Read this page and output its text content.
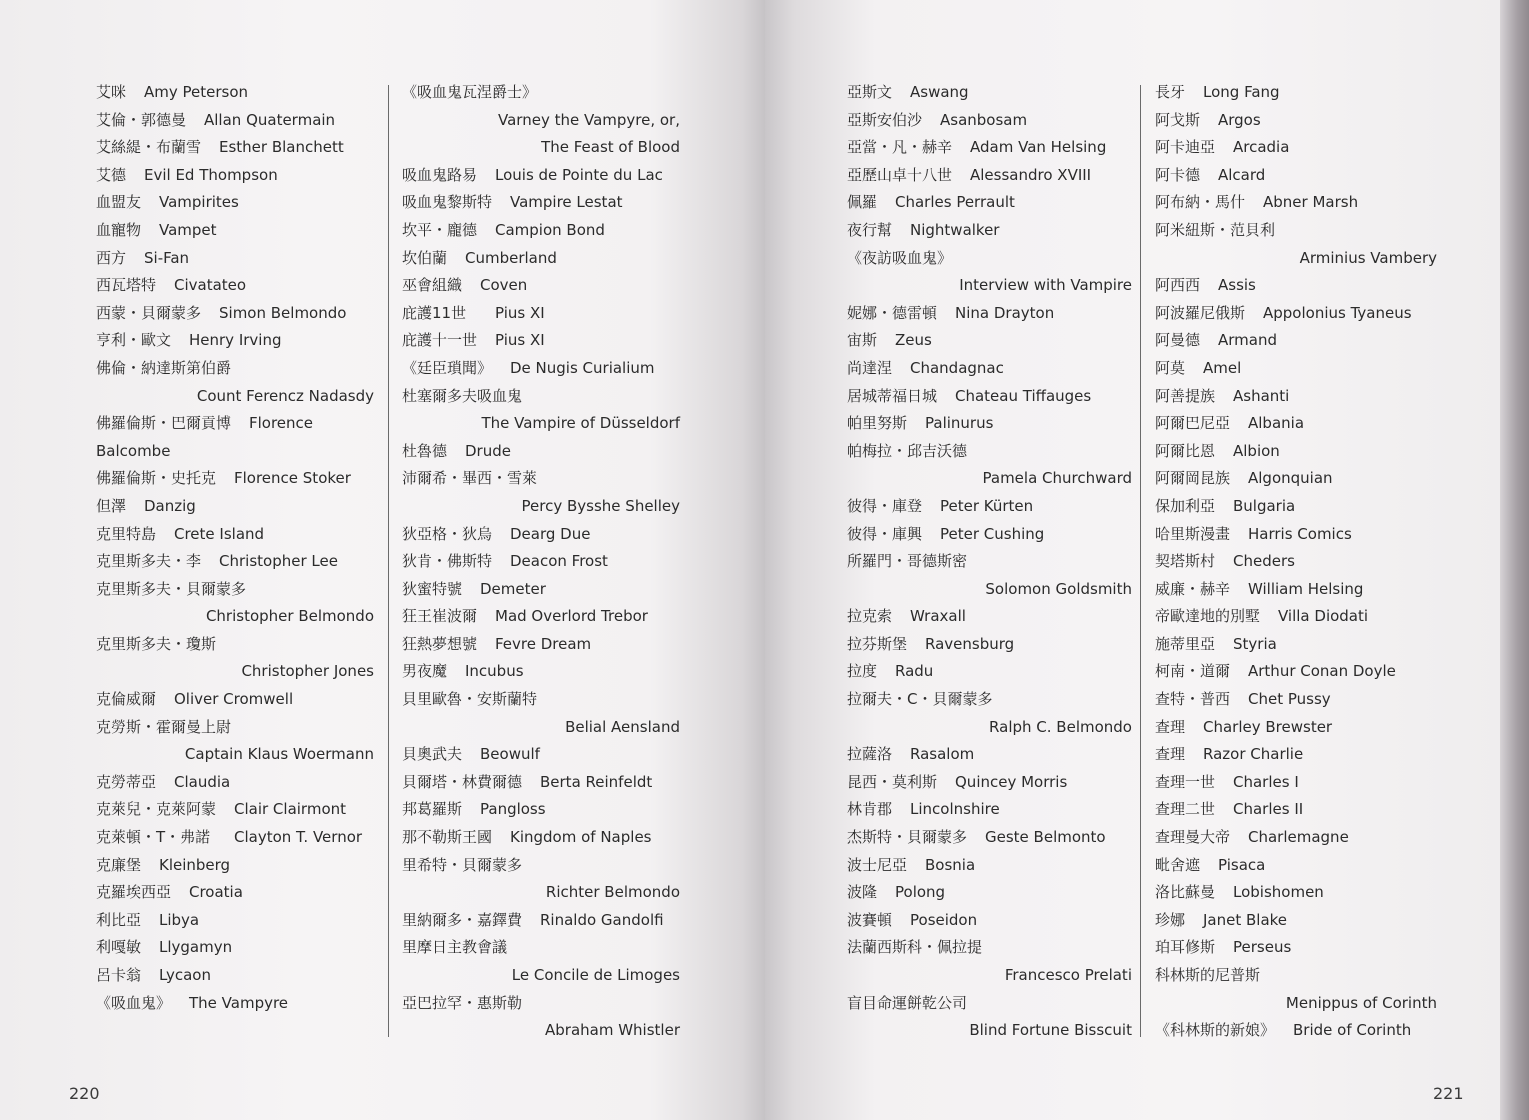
艾咪 Amy Peterson
艾倫・郭德曼 Allan Quatermain
艾絲緹・布蘭雪 Esther Blanchett
艾德 Evil Ed Thompson
血盟友 Vampirites
血寵物 Vampet
西方 Si-Fan
西瓦塔特 Civatateo
西蒙・貝爾蒙多 Simon Belmondo
亨利・歐文 Henry Irving
佛倫・納達斯第伯爵
Count Ferencz Nadasdy
佛羅倫斯・巴爾貢博 Florence
Balcombe
佛羅倫斯・史托克 Florence Stoker
但澤 Danzig
克里特島 Crete Island
克里斯多夫・李 Christopher Lee
克里斯多夫・貝爾蒙多
Christopher Belmondo
克里斯多夫・瓊斯
Christopher Jones
克倫威爾 Oliver Cromwell
克勞斯・霍爾曼上尉
Captain Klaus Woermann
克勞蒂亞 Claudia
克萊兒・克萊阿蒙 Clair Clairmont
克萊頓・T・弗諾 Clayton T. Vernor
克廉堡 Kleinberg
克羅埃西亞 Croatia
利比亞 Libya
利嘎敏 Llygamyn
呂卡翁 Lycaon
《吸血鬼》 The Vampyre
《吸血鬼瓦涅爵士》
Varney the Vampyre, or,
The Feast of Blood
吸血鬼路易 Louis de Pointe du Lac
吸血鬼黎斯特 Vampire Lestat
坎平・龐德 Campion Bond
坎伯蘭 Cumberland
巫會組織 Coven
庇護11世 Pius XI
庇護十一世 Pius XI
《廷臣瑣聞》 De Nugis Curialium
杜塞爾多夫吸血鬼
The Vampire of Düsseldorf
杜魯德 Drude
沛爾希・畢西・雪萊
Percy Bysshe Shelley
狄亞格・狄烏 Dearg Due
狄肯・佛斯特 Deacon Frost
狄蜜特號 Demeter
狂王崔波爾 Mad Overlord Trebor
狂熱夢想號 Fevre Dream
男夜魔 Incubus
貝里歐魯・安斯蘭特
Belial Aensland
貝奧武夫 Beowulf
貝爾塔・林費爾德 Berta Reinfeldt
邦葛羅斯 Pangloss
那不勒斯王國 Kingdom of Naples
里希特・貝爾蒙多
Richter Belmondo
里納爾多・嘉鐸費 Rinaldo Gandolfi
里摩日主教會議
Le Concile de Limoges
亞巴拉罕・惠斯勒
Abraham Whistler
220
亞斯文 Aswang
亞斯安伯沙 Asanbosam
亞當・凡・赫辛 Adam Van Helsing
亞歷山卓十八世 Alessandro XVIII
佩羅 Charles Perrault
夜行幫 Nightwalker
《夜訪吸血鬼》
Interview with Vampire
妮娜・德雷頓 Nina Drayton
宙斯 Zeus
尚達涅 Chandagnac
居城蒂福日城 Chateau Tiffauges
帕里努斯 Palinurus
帕梅拉・邱吉沃德
Pamela Churchward
彼得・庫登 Peter Kürten
彼得・庫興 Peter Cushing
所羅門・哥德斯密
Solomon Goldsmith
拉克索 Wraxall
拉芬斯堡 Ravensburg
拉度 Radu
拉爾夫・C・貝爾蒙多
Ralph C. Belmondo
拉薩洛 Rasalom
昆西・莫利斯 Quincey Morris
林肯郡 Lincolnshire
杰斯特・貝爾蒙多 Geste Belmonto
波士尼亞 Bosnia
波隆 Polong
波賽頓 Poseidon
法蘭西斯科・佩拉提
Francesco Prelati
盲目命運餅乾公司
Blind Fortune Bisscuit
長牙 Long Fang
阿戈斯 Argos
阿卡迪亞 Arcadia
阿卡德 Alcard
阿布納・馬什 Abner Marsh
阿米紐斯・范貝利
Arminius Vambery
阿西西 Assis
阿波羅尼俄斯 Appolonius Tyaneus
阿曼德 Armand
阿莫 Amel
阿善提族 Ashanti
阿爾巴尼亞 Albania
阿爾比恩 Albion
阿爾岡昆族 Algonquian
保加利亞 Bulgaria
哈里斯漫畫 Harris Comics
契塔斯村 Cheders
威廉・赫辛 William Helsing
帝歐達地的別墅 Villa Diodati
施蒂里亞 Styria
柯南・道爾 Arthur Conan Doyle
查特・普西 Chet Pussy
查理 Charley Brewster
查理 Razor Charlie
查理一世 Charles I
查理二世 Charles II
查理曼大帝 Charlemagne
毗舍遮 Pisaca
洛比蘇曼 Lobishomen
珍娜 Janet Blake
珀耳修斯 Perseus
科林斯的尼普斯
Menippus of Corinth
《科林斯的新娘》 Bride of Corinth
221
